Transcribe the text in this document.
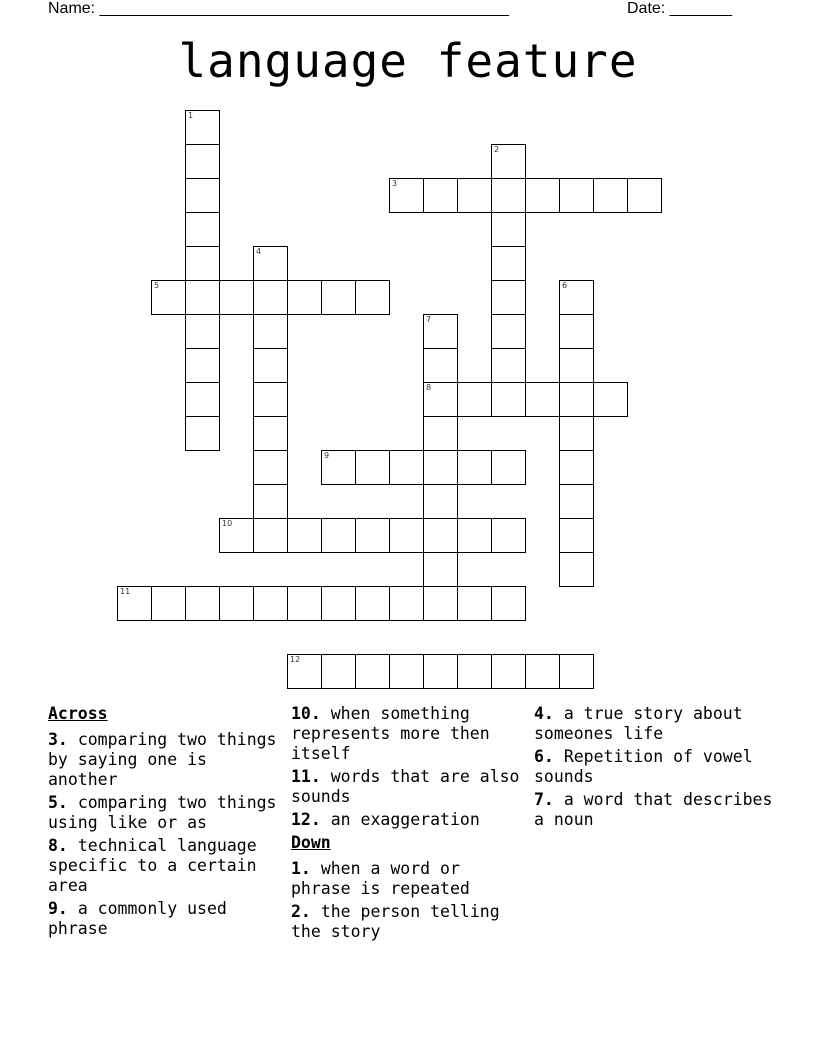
Name: ______________________________________________	Date: _______
language feature
1
2
3
4
5	6
7
8
9
10
11
12
Across
3. comparing two things by saying one is another
5. comparing two things using like or as
8. technical language specific to a certain area
9. a commonly used phrase
10. when something represents more then itself
11. words that are also sounds
12. an exaggeration
Down
1. when a word or phrase is repeated
2. the person telling the story
4. a true story about someones life
6. Repetition of vowel sounds
7. a word that describes a noun
